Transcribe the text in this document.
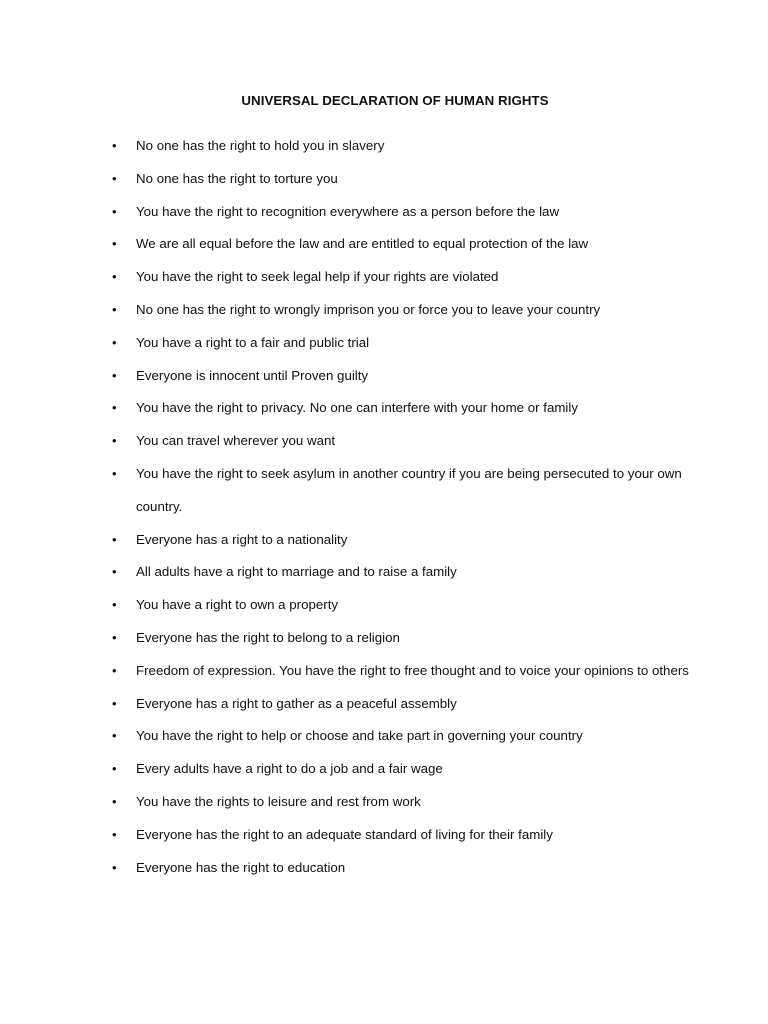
UNIVERSAL DECLARATION OF HUMAN RIGHTS
• No one has the right to hold you in slavery
• No one has the right to torture you
• You have the right to recognition everywhere as a person before the law
• We are all equal before the law and are entitled to equal protection of the law
• You have the right to seek legal help if your rights are violated
• No one has the right to wrongly imprison you or force you to leave your country
• You have a right to a fair and public trial
• Everyone is innocent until Proven guilty
• You have the right to privacy. No one can interfere with your home or family
• You can travel wherever you want
• You have the right to seek asylum in another country if you are being persecuted to your own country.
• Everyone has a right to a nationality
• All adults have a right to marriage and to raise a family
• You have a right to own a property
• Everyone has the right to belong to a religion
• Freedom of expression. You have the right to free thought and to voice your opinions to others
• Everyone has a right to gather as a peaceful assembly
• You have the right to help or choose and take part in governing your country
• Every adults have a right to do a job and a fair wage
• You have the rights to leisure and rest from work
• Everyone has the right to an adequate standard of living for their family
• Everyone has the right to education
